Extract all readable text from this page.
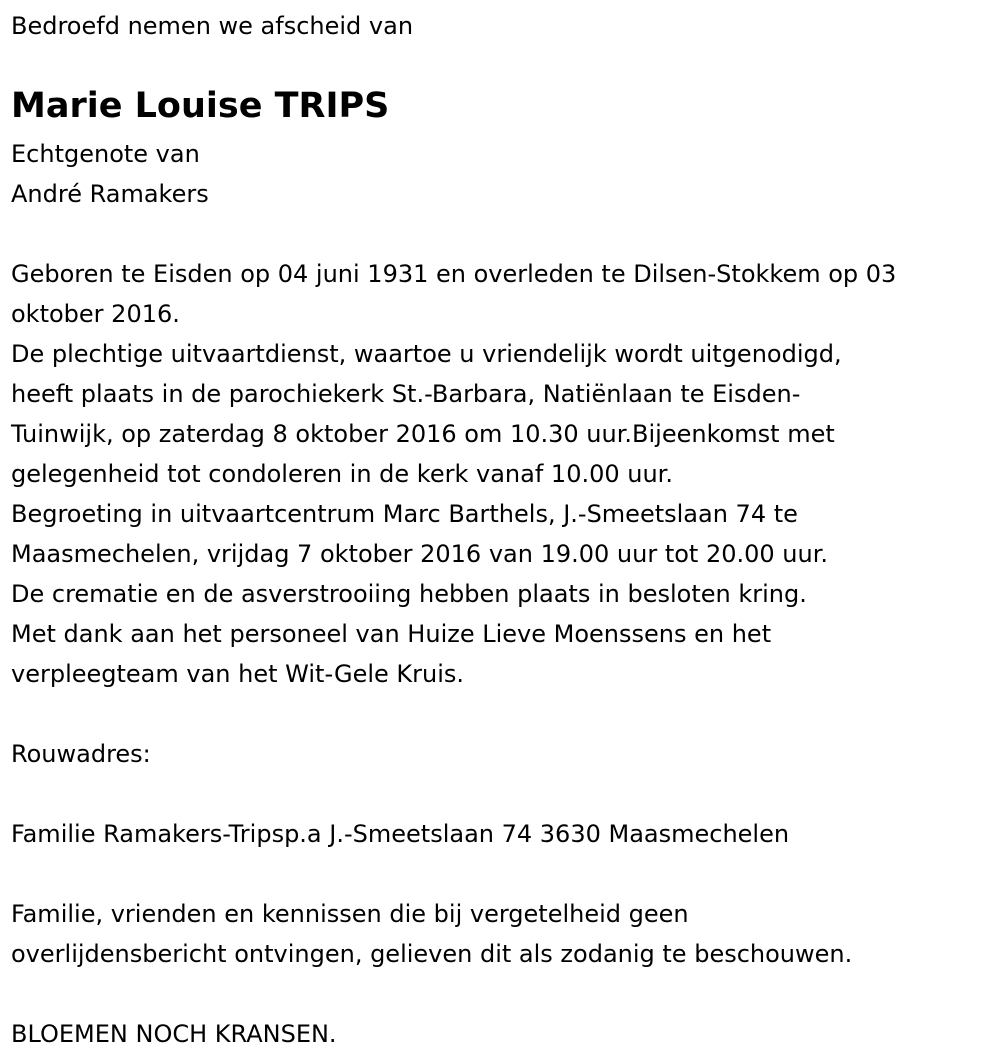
Bedroefd nemen we afscheid van

Marie Louise TRIPS

Echtgenote van

André Ramakers

Geboren te Eisden op 04 juni 1931 en overleden te Dilsen-Stokkem op 03

oktober 2016.

De plechtige uitvaartdienst, waartoe u vriendelijk wordt uitgenodigd,

heeft plaats in de parochiekerk St.-Barbara, Natiënlaan te Eisden-

Tuinwijk, op zaterdag 8 oktober 2016 om 10.30 uur.Bijeenkomst met

gelegenheid tot condoleren in de kerk vanaf 10.00 uur.

Begroeting in uitvaartcentrum Marc Barthels, J.-Smeetslaan 74 te

Maasmechelen, vrijdag 7 oktober 2016 van 19.00 uur tot 20.00 uur.

De crematie en de asverstrooiing hebben plaats in besloten kring.

Met dank aan het personeel van Huize Lieve Moenssens en het

verpleegteam van het Wit-Gele Kruis.

Rouwadres:

Familie Ramakers-Tripsp.a J.-Smeetslaan 74 3630 Maasmechelen

Familie, vrienden en kennissen die bij vergetelheid geen

overlijdensbericht ontvingen, gelieven dit als zodanig te beschouwen.

BLOEMEN NOCH KRANSEN.
